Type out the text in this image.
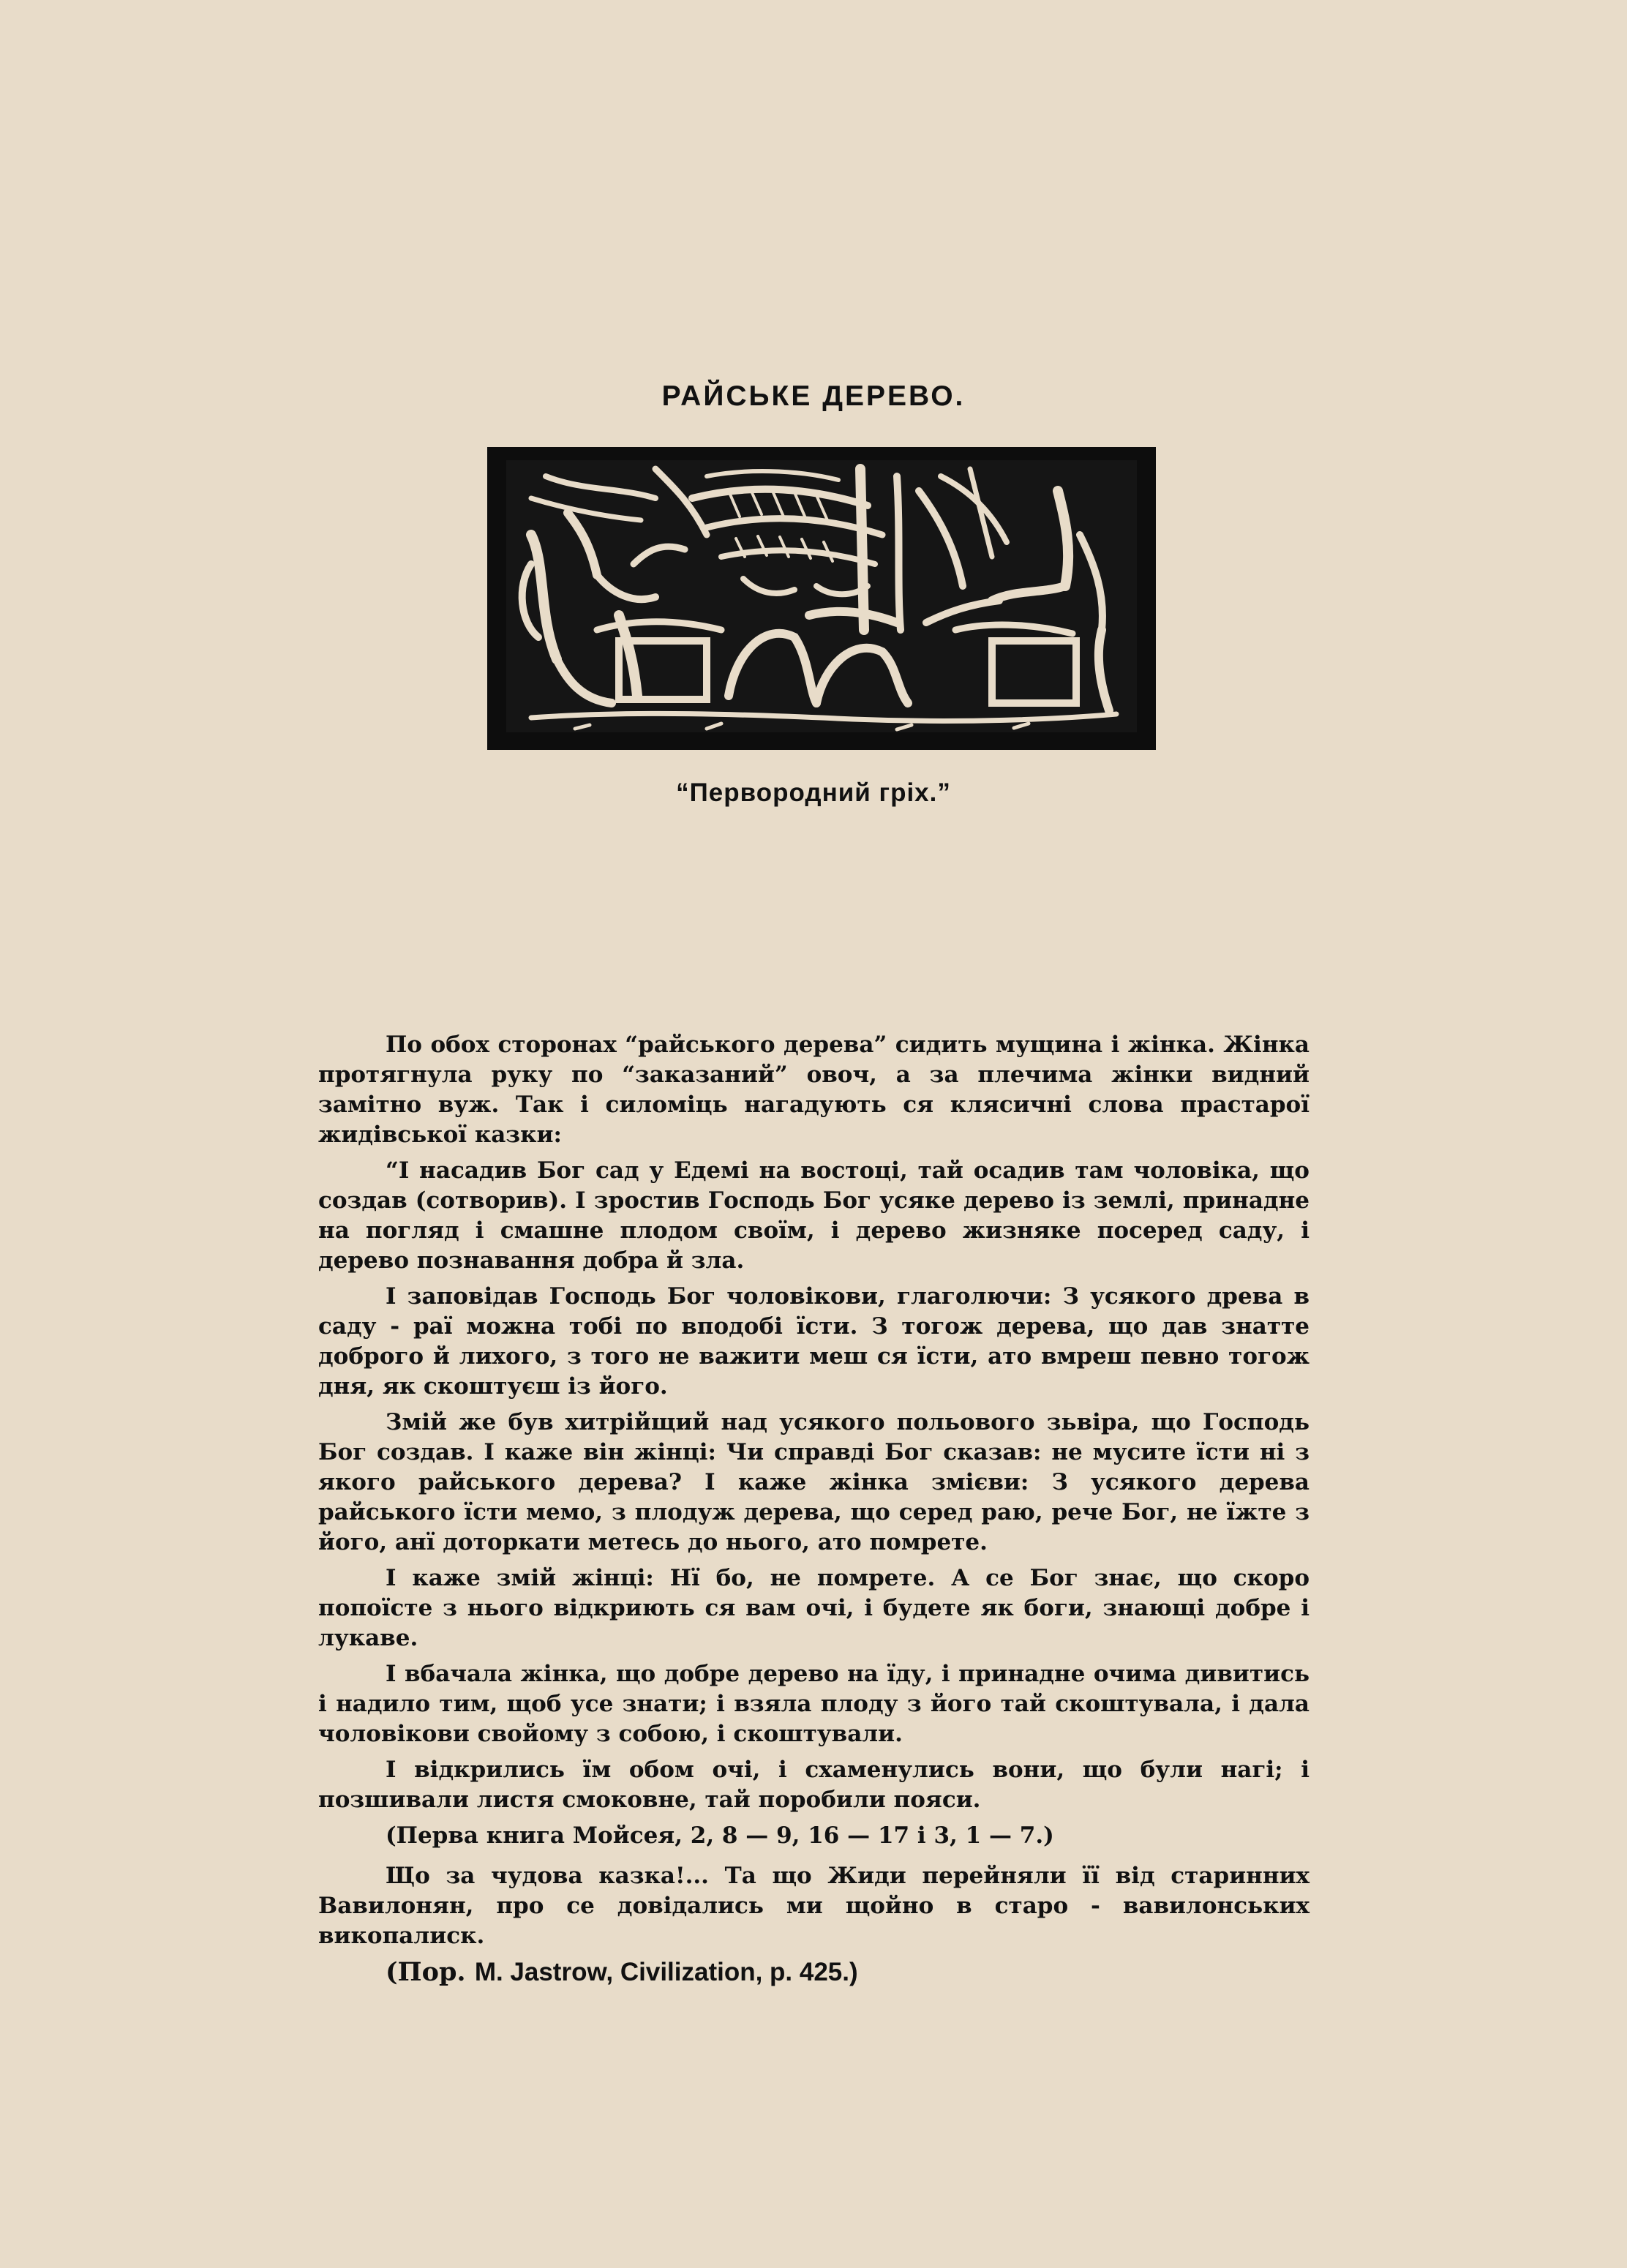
РАЙСЬКЕ ДЕРЕВО.
“Первородний гріх.”

По обох сторонах “райського дерева” сидить мущина і жінка. Жінка протягнула руку по “заказаний” овоч, а за плечима жінки видний замітно вуж. Так і силоміць нагадують ся клясичні слова прастарої жидівської казки:

“І насадив Бог сад у Едемі на востоці, тай осадив там чоловіка, що создав (сотворив). І зростив Господь Бог усяке дерево із землі, принадне на погляд і смашне плодом своїм, і дерево жизняке посеред саду, і дерево познавання добра й зла.

І заповідав Господь Бог чоловікови, глаголючи: З усякого древа в саду - раї можна тобі по вподобі їсти. З тогож дерева, що дав знатте доброго й лихого, з того не важити меш ся їсти, ато вмреш певно тогож дня, як скоштуєш із його.

Змій же був хитрійщий над усякого польового зьвіра, що Господь Бог создав. І каже він жінці: Чи справді Бог сказав: не мусите їсти ні з якого райського дерева? І каже жінка змієви: З усякого дерева райського їсти мемо, з плодуж дерева, що серед раю, рече Бог, не їжте з його, анї доторкати метесь до нього, ато помрете.

І каже змій жінці: Нї бо, не помрете. А се Бог знає, що скоро попоїсте з нього відкриють ся вам очі, і будете як боги, знающі добре і лукаве.

І вбачала жінка, що добре дерево на їду, і принадне очима дивитись і надило тим, щоб усе знати; і взяла плоду з його тай скоштувала, і дала чоловікови свойому з собою, і скоштували.

І відкрились їм обом очі, і схаменулись вони, що були нагі; і позшивали листя смоковне, тай поробили пояси.

(Перва книга Мойсея, 2, 8 — 9, 16 — 17 і 3, 1 — 7.)

Що за чудова казка!... Та що Жиди перейняли її від старинних Вавилонян, про се довідались ми щойно в старо - вавилонських викопалиск.

(Пор. M. Jastrow, Civilization, p. 425.)
